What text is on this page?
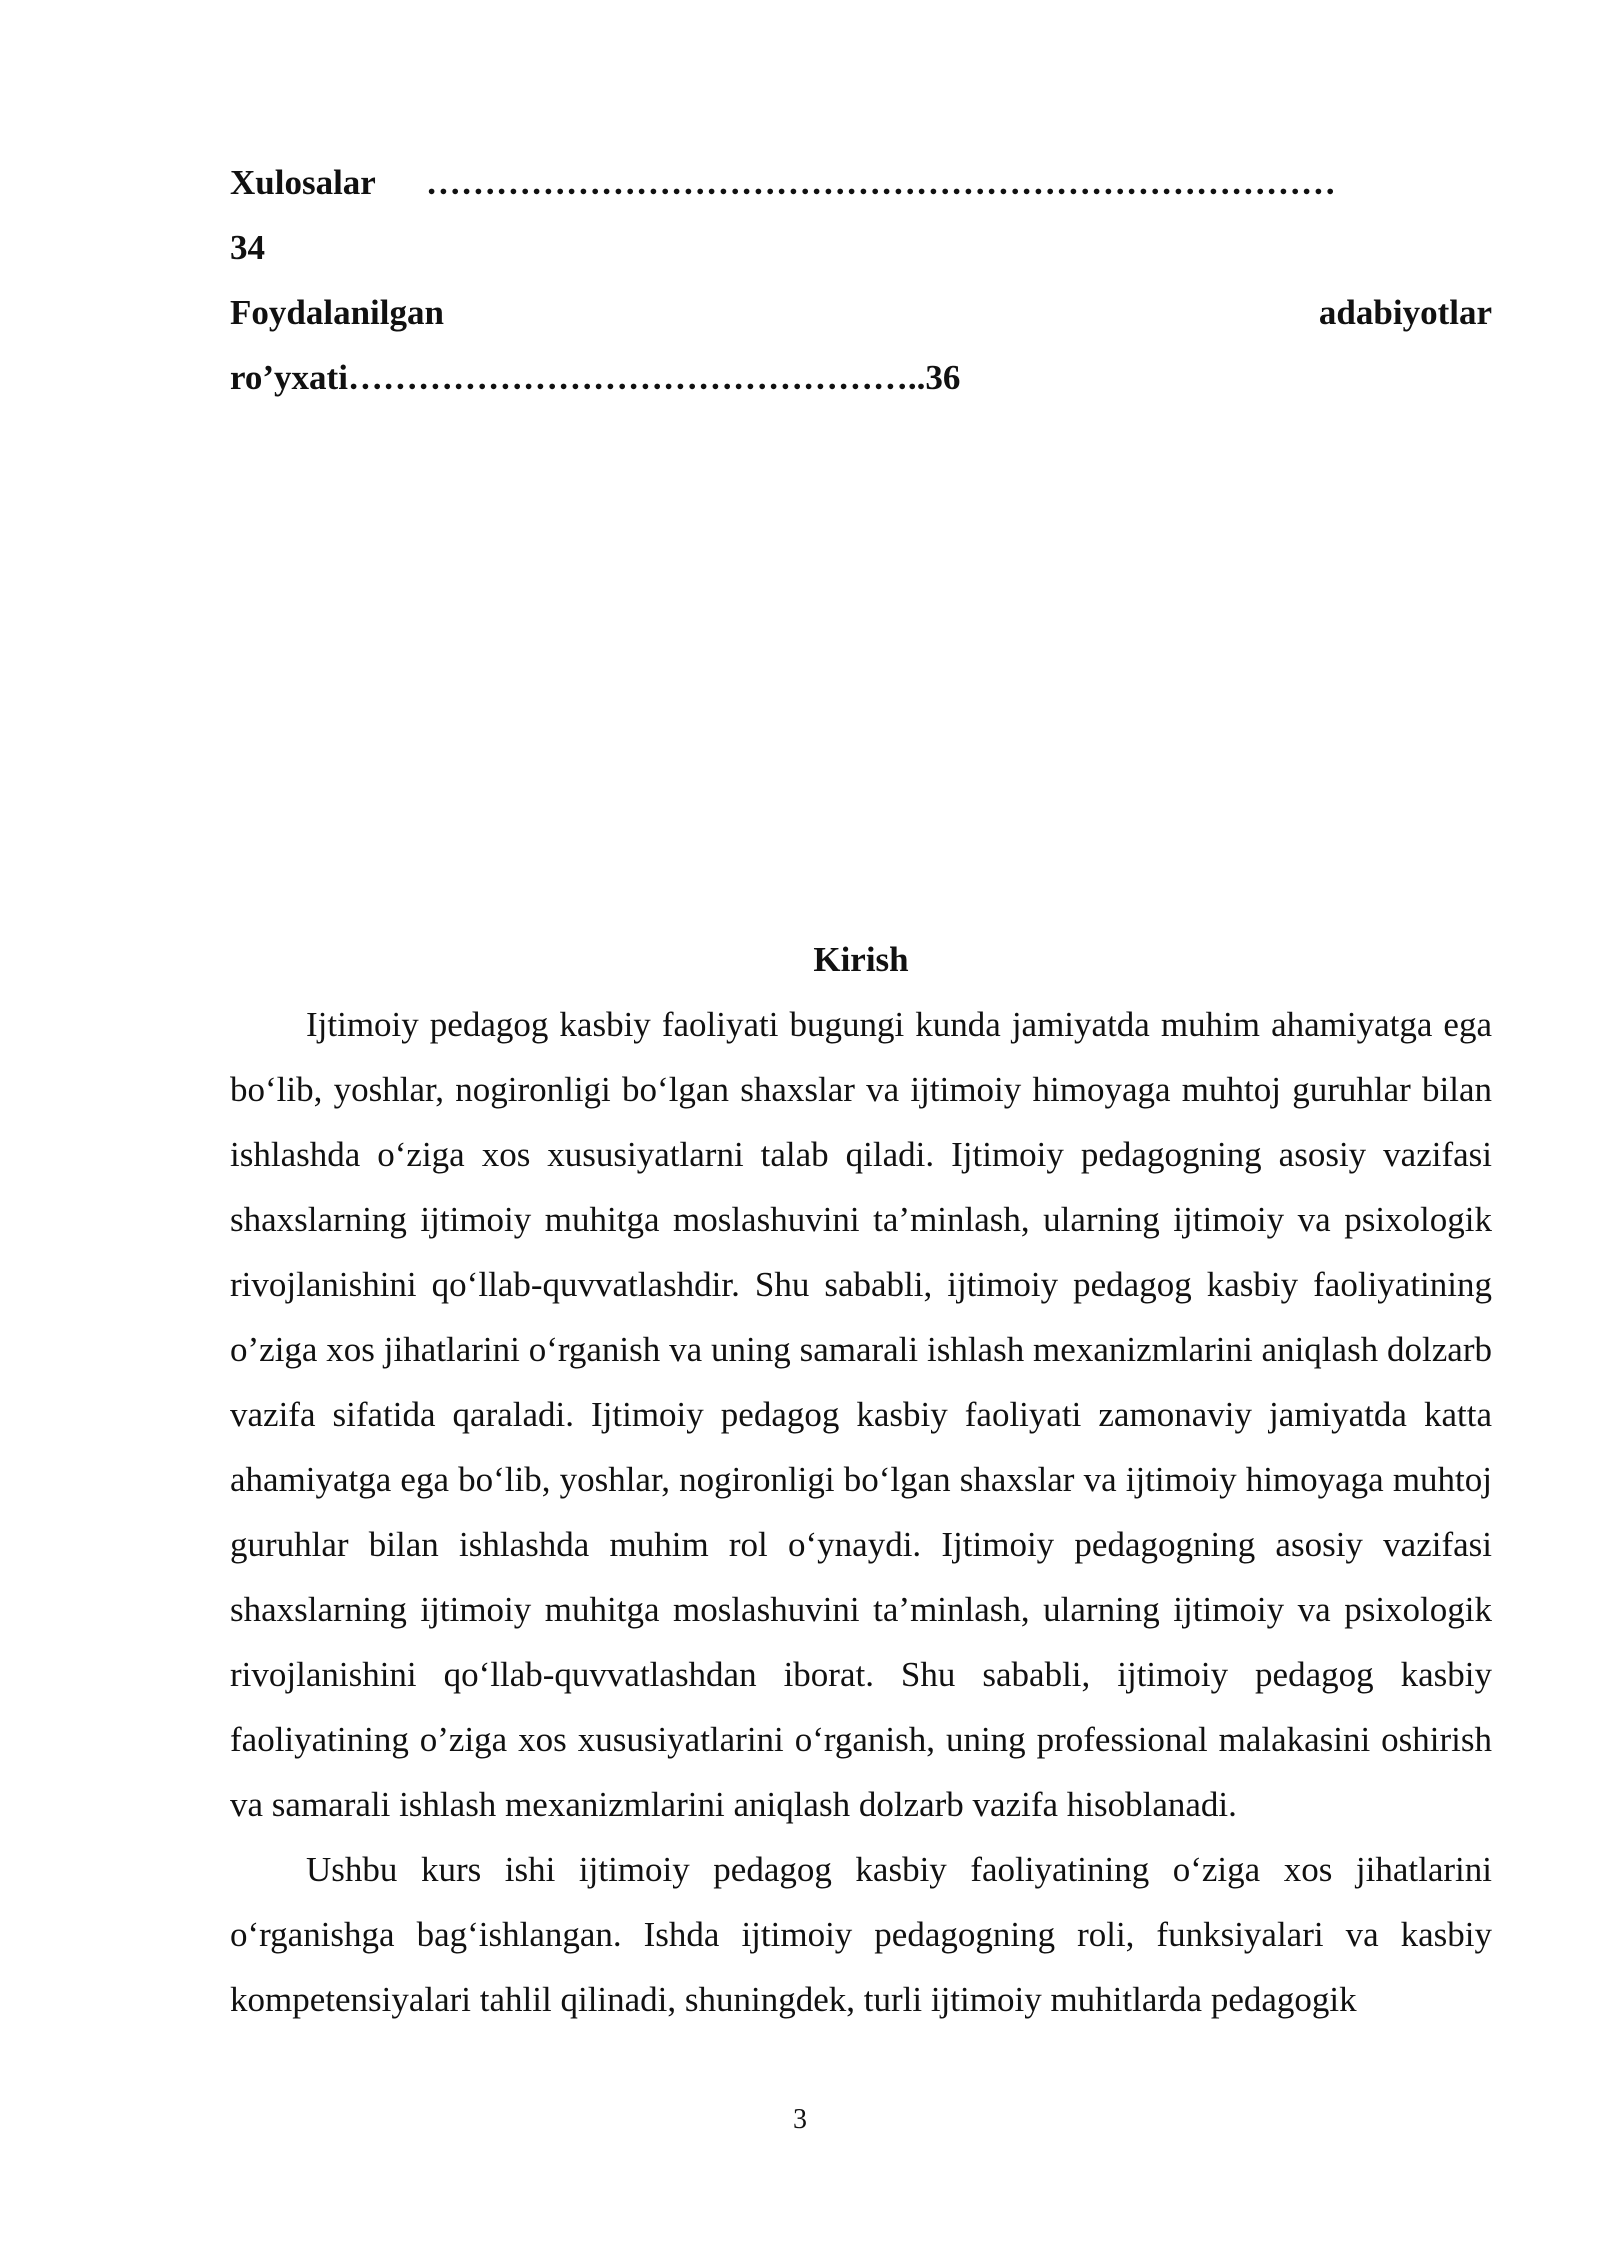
Xulosalar ……………………………………………………………………
34
Foydalanilgan	adabiyotlar
ro’yxati…………………………………………..36
Kirish

Ijtimoiy pedagog kasbiy faoliyati bugungi kunda jamiyatda muhim ahamiyatga ega bo‘lib, yoshlar, nogironligi bo‘lgan shaxslar va ijtimoiy himoyaga muhtoj guruhlar bilan ishlashda o‘ziga xos xususiyatlarni talab qiladi. Ijtimoiy pedagogning asosiy vazifasi shaxslarning ijtimoiy muhitga moslashuvini ta’minlash, ularning ijtimoiy va psixologik rivojlanishini qo‘llab-quvvatlashdir. Shu sababli, ijtimoiy pedagog kasbiy faoliyatining o’ziga xos jihatlarini o‘rganish va uning samarali ishlash mexanizmlarini aniqlash dolzarb vazifa sifatida qaraladi. Ijtimoiy pedagog kasbiy faoliyati zamonaviy jamiyatda katta ahamiyatga ega bo‘lib, yoshlar, nogironligi bo‘lgan shaxslar va ijtimoiy himoyaga muhtoj guruhlar bilan ishlashda muhim rol o‘ynaydi. Ijtimoiy pedagogning asosiy vazifasi shaxslarning ijtimoiy muhitga moslashuvini ta’minlash, ularning ijtimoiy va psixologik rivojlanishini qo‘llab-quvvatlashdan iborat. Shu sababli, ijtimoiy pedagog kasbiy faoliyatining o’ziga xos xususiyatlarini o‘rganish, uning professional malakasini oshirish va samarali ishlash mexanizmlarini aniqlash dolzarb vazifa hisoblanadi.

Ushbu kurs ishi ijtimoiy pedagog kasbiy faoliyatining o‘ziga xos jihatlarini o‘rganishga bag‘ishlangan. Ishda ijtimoiy pedagogning roli, funksiyalari va kasbiy kompetensiyalari tahlil qilinadi, shuningdek, turli ijtimoiy muhitlarda pedagogik

3
